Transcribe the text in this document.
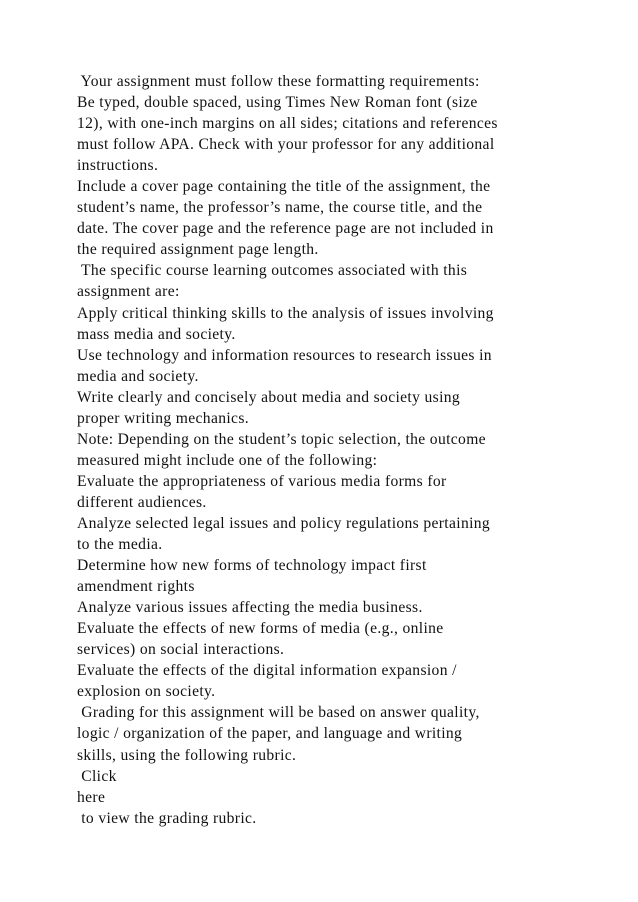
Your assignment must follow these formatting requirements:
Be typed, double spaced, using Times New Roman font (size
12), with one-inch margins on all sides; citations and references
must follow APA. Check with your professor for any additional
instructions.
Include a cover page containing the title of the assignment, the
student’s name, the professor’s name, the course title, and the
date. The cover page and the reference page are not included in
the required assignment page length.
The specific course learning outcomes associated with this
assignment are:
Apply critical thinking skills to the analysis of issues involving
mass media and society.
Use technology and information resources to research issues in
media and society.
Write clearly and concisely about media and society using
proper writing mechanics.
Note: Depending on the student’s topic selection, the outcome
measured might include one of the following:
Evaluate the appropriateness of various media forms for
different audiences.
Analyze selected legal issues and policy regulations pertaining
to the media.
Determine how new forms of technology impact first
amendment rights
Analyze various issues affecting the media business.
Evaluate the effects of new forms of media (e.g., online
services) on social interactions.
Evaluate the effects of the digital information expansion /
explosion on society.
Grading for this assignment will be based on answer quality,
logic / organization of the paper, and language and writing
skills, using the following rubric.
Click
here
to view the grading rubric.
